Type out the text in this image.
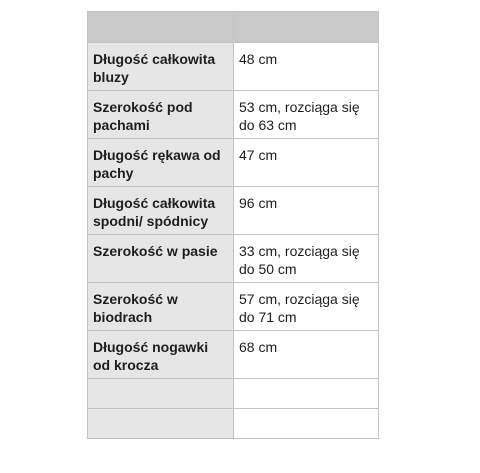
Długość całkowita bluzy	48 cm
Szerokość pod pachami	53 cm, rozciąga się do 63 cm
Długość rękawa od pachy	47 cm
Długość całkowita spodni/ spódnicy	96 cm
Szerokość w pasie	33 cm, rozciąga się do 50 cm
Szerokość w biodrach	57 cm, rozciąga się do 71 cm
Długość nogawki od krocza	68 cm
